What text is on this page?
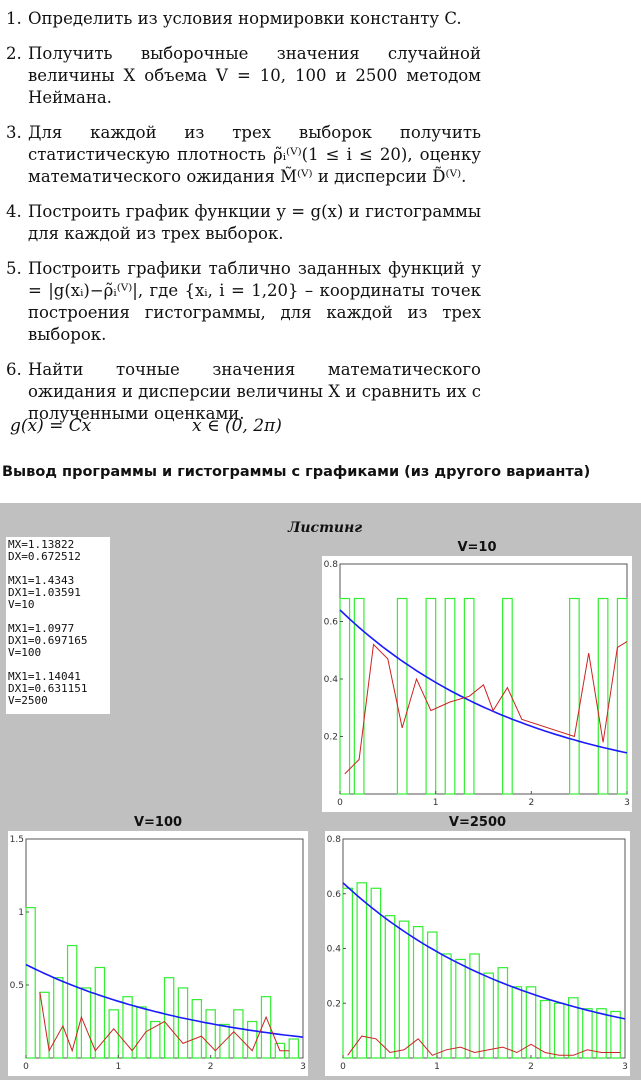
1. Определить из условия нормировки константу C.
2. Получить выборочные значения случайной величины X объема V = 10, 100 и 2500 методом Неймана.
3. Для каждой из трех выборок получить статистическую плотность ρ̃ᵢ⁽ⱽ⁾(1 ≤ i ≤ 20), оценку математического ожидания M̃⁽ⱽ⁾ и дисперсии D̃⁽ⱽ⁾.
4. Построить график функции y = g(x) и гистограммы для каждой из трех выборок.
5. Построить графики таблично заданных функций y = |g(xᵢ)−ρ̃ᵢ⁽ⱽ⁾|, где {xᵢ, i = 1,20} – координаты точек построения гистограммы, для каждой из трех выборок.
6. Найти точные значения математического ожидания и дисперсии величины X и сравнить их с полученными оценками.
g(x) = Cx	x ∈ (0, 2π)
Вывод программы и гистограммы с графиками (из другого варианта)
Листинг
MX=1.13822
DX=0.672512
MX1=1.4343
DX1=1.03591
V=10
MX1=1.0977
DX1=0.697165
V=100
MX1=1.14041
DX1=0.631151
V=2500
V=10
0	1	2	3
0.2
0.4
0.6
0.8
V=100
0	1	2	3
0.5
1
1.5
V=2500
0	1	2	3
0.2
0.4
0.6
0.8
